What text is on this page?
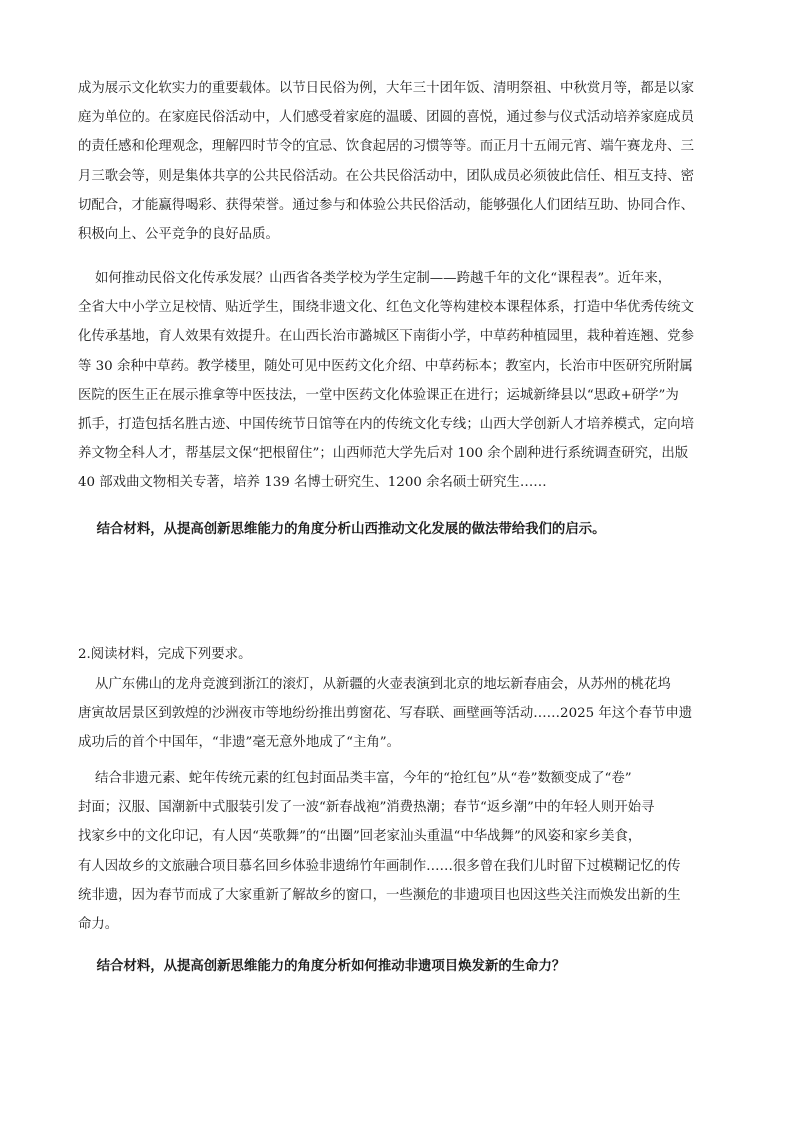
成为展示文化软实力的重要载体。以节日民俗为例，大年三十团年饭、清明祭祖、中秋赏月等，都是以家
庭为单位的。在家庭民俗活动中，人们感受着家庭的温暖、团圆的喜悦，通过参与仪式活动培养家庭成员
的责任感和伦理观念，理解四时节令的宜忌、饮食起居的习惯等等。而正月十五闹元宵、端午赛龙舟、三
月三歌会等，则是集体共享的公共民俗活动。在公共民俗活动中，团队成员必须彼此信任、相互支持、密
切配合，才能赢得喝彩、获得荣誉。通过参与和体验公共民俗活动，能够强化人们团结互助、协同合作、
积极向上、公平竞争的良好品质。
如何推动民俗文化传承发展？山西省各类学校为学生定制——跨越千年的文化“课程表”。近年来，
全省大中小学立足校情、贴近学生，围绕非遗文化、红色文化等构建校本课程体系，打造中华优秀传统文
化传承基地，育人效果有效提升。在山西长治市潞城区下南街小学，中草药种植园里，栽种着连翘、党参
等 30 余种中草药。教学楼里，随处可见中医药文化介绍、中草药标本；教室内，长治市中医研究所附属
医院的医生正在展示推拿等中医技法，一堂中医药文化体验课正在进行；运城新绛县以“思政+研学”为
抓手，打造包括名胜古迹、中国传统节日馆等在内的传统文化专线；山西大学创新人才培养模式，定向培
养文物全科人才，帮基层文保“把根留住”；山西师范大学先后对 100 余个剧种进行系统调查研究，出版
40 部戏曲文物相关专著，培养 139 名博士研究生、1200 余名硕士研究生……
结合材料，从提高创新思维能力的角度分析山西推动文化发展的做法带给我们的启示。
2.阅读材料，完成下列要求。
从广东佛山的龙舟竞渡到浙江的滚灯，从新疆的火壶表演到北京的地坛新春庙会，从苏州的桃花坞
唐寅故居景区到敦煌的沙洲夜市等地纷纷推出剪窗花、写春联、画壁画等活动……2025 年这个春节申遗
成功后的首个中国年，“非遗”毫无意外地成了“主角”。
结合非遗元素、蛇年传统元素的红包封面品类丰富，今年的“抢红包”从“卷”数额变成了“卷”
封面；汉服、国潮新中式服装引发了一波“新春战袍”消费热潮；春节“返乡潮”中的年轻人则开始寻
找家乡中的文化印记，有人因“英歌舞”的“出圈”回老家汕头重温“中华战舞”的风姿和家乡美食，
有人因故乡的文旅融合项目慕名回乡体验非遗绵竹年画制作……很多曾在我们儿时留下过模糊记忆的传
统非遗，因为春节而成了大家重新了解故乡的窗口，一些濒危的非遗项目也因这些关注而焕发出新的生
命力。
结合材料，从提高创新思维能力的角度分析如何推动非遗项目焕发新的生命力？
